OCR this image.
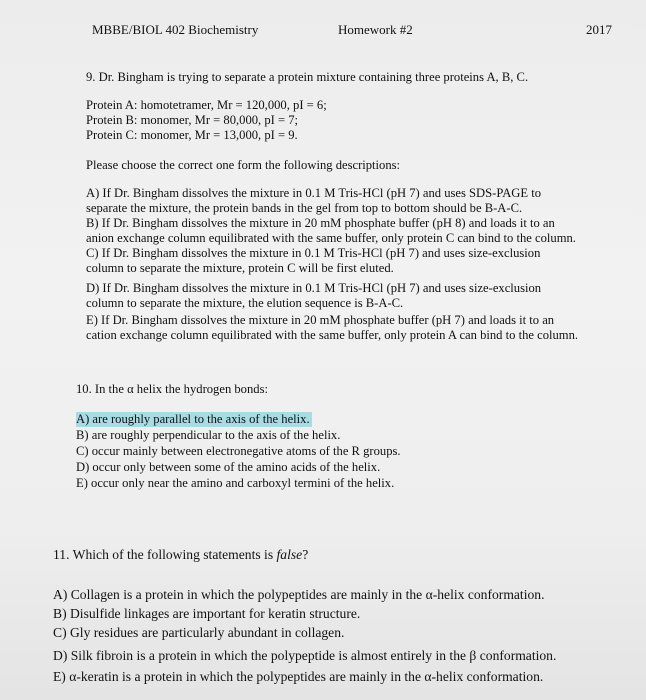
MBBE/BIOL 402 Biochemistry	Homework #2	2017
9. Dr. Bingham is trying to separate a protein mixture containing three proteins A, B, C.
Protein A: homotetramer, Mr = 120,000, pI = 6;
Protein B: monomer, Mr = 80,000, pI = 7;
Protein C: monomer, Mr = 13,000, pI = 9.
Please choose the correct one form the following descriptions:
A) If Dr. Bingham dissolves the mixture in 0.1 M Tris-HCl (pH 7) and uses SDS-PAGE to
separate the mixture, the protein bands in the gel from top to bottom should be B-A-C.
B) If Dr. Bingham dissolves the mixture in 20 mM phosphate buffer (pH 8) and loads it to an
anion exchange column equilibrated with the same buffer, only protein C can bind to the column.
C) If Dr. Bingham dissolves the mixture in 0.1 M Tris-HCl (pH 7) and uses size-exclusion
column to separate the mixture, protein C will be first eluted.
D) If Dr. Bingham dissolves the mixture in 0.1 M Tris-HCl (pH 7) and uses size-exclusion
column to separate the mixture, the elution sequence is B-A-C.
E) If Dr. Bingham dissolves the mixture in 20 mM phosphate buffer (pH 7) and loads it to an
cation exchange column equilibrated with the same buffer, only protein A can bind to the column.
10. In the α helix the hydrogen bonds:
A) are roughly parallel to the axis of the helix.
B) are roughly perpendicular to the axis of the helix.
C) occur mainly between electronegative atoms of the R groups.
D) occur only between some of the amino acids of the helix.
E) occur only near the amino and carboxyl termini of the helix.
11. Which of the following statements is false?
A) Collagen is a protein in which the polypeptides are mainly in the α-helix conformation.
B) Disulfide linkages are important for keratin structure.
C) Gly residues are particularly abundant in collagen.
D) Silk fibroin is a protein in which the polypeptide is almost entirely in the β conformation.
E) α-keratin is a protein in which the polypeptides are mainly in the α-helix conformation.
